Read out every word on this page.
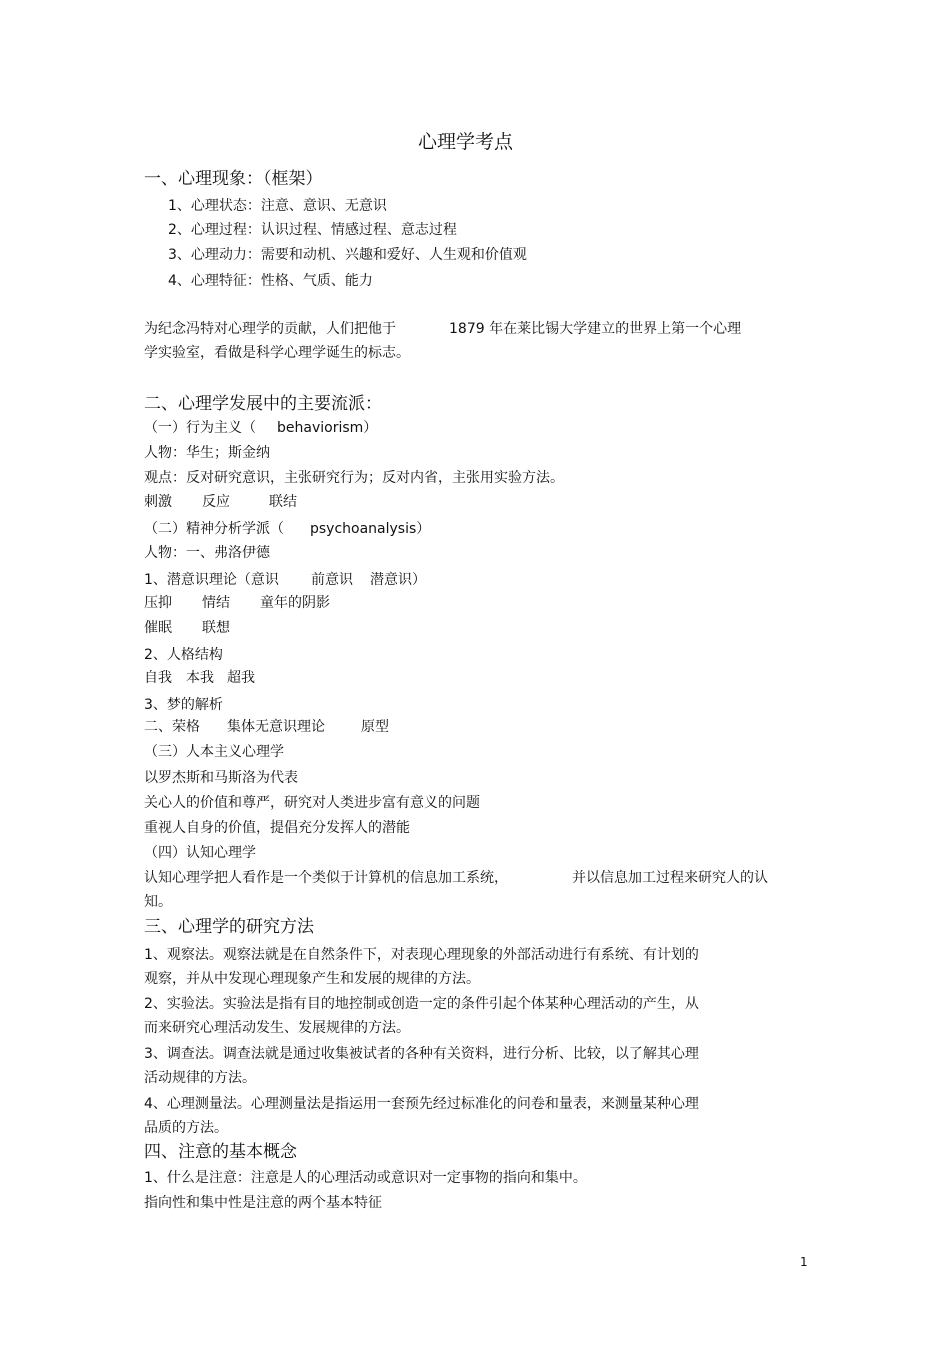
心理学考点
一、心理现象：（框架）
1、心理状态：注意、意识、无意识
2、心理过程：认识过程、情感过程、意志过程
3、心理动力：需要和动机、兴趣和爱好、人生观和价值观
4、心理特征：性格、气质、能力
为纪念冯特对心理学的贡献，人们把他于	1879 年在莱比锡大学建立的世界上第一个心理
学实验室，看做是科学心理学诞生的标志。
二、心理学发展中的主要流派：
（一）行为主义（ behaviorism）
人物：华生；斯金纳
观点：反对研究意识，主张研究行为；反对内省，主张用实验方法。
刺激 反应	联结
（二）精神分析学派（ psychoanalysis）
人物：一、弗洛伊德
1、潜意识理论（意识 前意识 潜意识）
压抑 情结 童年的阴影
催眠 联想
2、人格结构
自我 本我 超我
3、梦的解析
二、荣格 集体无意识理论	原型
（三）人本主义心理学
以罗杰斯和马斯洛为代表
关心人的价值和尊严，研究对人类进步富有意义的问题
重视人自身的价值，提倡充分发挥人的潜能
（四）认知心理学
认知心理学把人看作是一个类似于计算机的信息加工系统，	并以信息加工过程来研究人的认
知。
三、心理学的研究方法
1、观察法。观察法就是在自然条件下，对表现心理现象的外部活动进行有系统、有计划的
观察，并从中发现心理现象产生和发展的规律的方法。
2、实验法。实验法是指有目的地控制或创造一定的条件引起个体某种心理活动的产生，从
而来研究心理活动发生、发展规律的方法。
3、调查法。调查法就是通过收集被试者的各种有关资料，进行分析、比较，以了解其心理
活动规律的方法。
4、心理测量法。心理测量法是指运用一套预先经过标准化的问卷和量表，来测量某种心理
品质的方法。
四、注意的基本概念
1、什么是注意：注意是人的心理活动或意识对一定事物的指向和集中。
指向性和集中性是注意的两个基本特征
1
